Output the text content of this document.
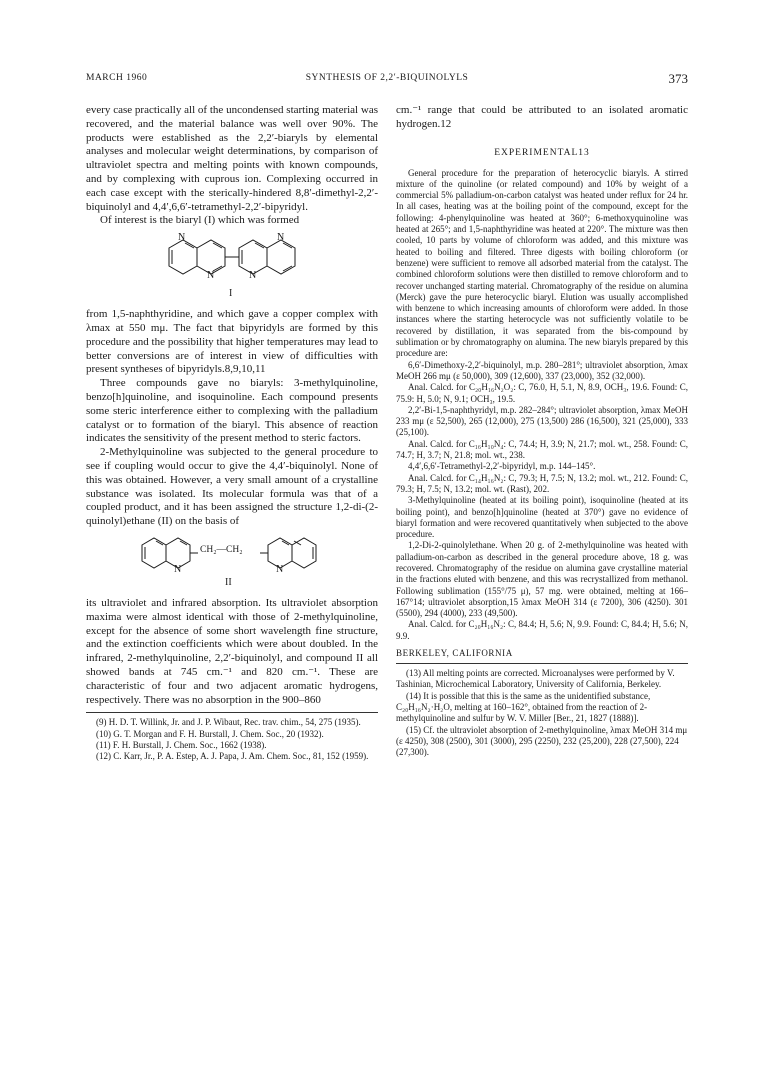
MARCH 1960	SYNTHESIS OF 2,2′-BIQUINOLYLS	373

every case practically all of the uncondensed starting material was recovered, and the material balance was well over 90%. The products were established as the 2,2′-biaryls by elemental analyses and molecular weight determinations, by comparison of ultraviolet spectra and melting points with known compounds, and by complexing with cuprous ion. Complexing occurred in each case except with the sterically-hindered 8,8′-dimethyl-2,2′-biquinolyl and 4,4′,6,6′-tetramethyl-2,2′-bipyridyl.

Of interest is the biaryl (I) which was formed

N
N	N
N
I

from 1,5-naphthyridine, and which gave a copper complex with λmax at 550 mμ. The fact that bipyridyls are formed by this procedure and the possibility that higher temperatures may lead to better conversions are of interest in view of difficulties with present syntheses of bipyridyls.8,9,10,11

Three compounds gave no biaryls: 3-methylquinoline, benzo[h]quinoline, and isoquinoline. Each compound presents some steric interference either to complexing with the palladium catalyst or to formation of the biaryl. This absence of reaction indicates the sensitivity of the present method to steric factors.

2-Methylquinoline was subjected to the general procedure to see if coupling would occur to give the 4,4′-biquinolyl. None of this was obtained. However, a very small amount of a crystalline substance was isolated. Its molecular formula was that of a coupled product, and it has been assigned the structure 1,2-di-(2-quinolyl)ethane (II) on the basis of

CH₂—CH₂
N	N
II

its ultraviolet and infrared absorption. Its ultraviolet absorption maxima were almost identical with those of 2-methylquinoline, except for the absence of some short wavelength fine structure, and the extinction coefficients which were about doubled. In the infrared, 2-methylquinoline, 2,2′-biquinolyl, and compound II all showed bands at 745 cm.⁻¹ and 820 cm.⁻¹. These are characteristic of four and two adjacent aromatic hydrogens, respectively. There was no absorption in the 900–860

(9) H. D. T. Willink, Jr. and J. P. Wibaut, Rec. trav. chim., 54, 275 (1935).

(10) G. T. Morgan and F. H. Burstall, J. Chem. Soc., 20 (1932).

(11) F. H. Burstall, J. Chem. Soc., 1662 (1938).

(12) C. Karr, Jr., P. A. Estep, A. J. Papa, J. Am. Chem. Soc., 81, 152 (1959).

cm.⁻¹ range that could be attributed to an isolated aromatic hydrogen.12

EXPERIMENTAL13

General procedure for the preparation of heterocyclic biaryls. A stirred mixture of the quinoline (or related compound) and 10% by weight of a commercial 5% palladium-on-carbon catalyst was heated under reflux for 24 hr. In all cases, heating was at the boiling point of the compound, except for the following: 4-phenylquinoline was heated at 360°; 6-methoxyquinoline was heated at 265°; and 1,5-naphthyridine was heated at 220°. The mixture was then cooled, 10 parts by volume of chloroform was added, and this mixture was heated to boiling and filtered. Three digests with boiling chloroform (or benzene) were sufficient to remove all adsorbed material from the catalyst. The combined chloroform solutions were then distilled to remove chloroform and to recover unchanged starting material. Chromatography of the residue on alumina (Merck) gave the pure heterocyclic biaryl. Elution was usually accomplished with benzene to which increasing amounts of chloroform were added. In those instances where the starting heterocycle was not sufficiently volatile to be recovered by distillation, it was separated from the bis-compound by sublimation or by chromatography on alumina. The new biaryls prepared by this procedure are:

6,6′-Dimethoxy-2,2′-biquinolyl, m.p. 280–281°; ultraviolet absorption, λmax MeOH 266 mμ (ε 50,000), 309 (12,600), 337 (23,000), 352 (32,000).

Anal. Calcd. for C₂₀H₁₆N₂O₂: C, 76.0, H, 5.1, N, 8.9, OCH₃, 19.6. Found: C, 75.9: H, 5.0; N, 9.1; OCH₃, 19.5.

2,2′-Bi-1,5-naphthyridyl, m.p. 282–284°; ultraviolet absorption, λmax MeOH 233 mμ (ε 52,500), 265 (12,000), 275 (13,500) 286 (16,500), 321 (25,000), 333 (25,100).

Anal. Calcd. for C₁₆H₁₀N₄: C, 74.4; H, 3.9; N, 21.7; mol. wt., 258. Found: C, 74.7; H, 3.7; N, 21.8; mol. wt., 238.

4,4′,6,6′-Tetramethyl-2,2′-bipyridyl, m.p. 144–145°.

Anal. Calcd. for C₁₄H₁₆N₂: C, 79.3; H, 7.5; N, 13.2; mol. wt., 212. Found: C, 79.3; H, 7.5; N, 13.2; mol. wt. (Rast), 202.

3-Methylquinoline (heated at its boiling point), isoquinoline (heated at its boiling point), and benzo[h]quinoline (heated at 370°) gave no evidence of biaryl formation and were recovered quantitatively when subjected to the above procedure.

1,2-Di-2-quinolylethane. When 20 g. of 2-methylquinoline was heated with palladium-on-carbon as described in the general procedure above, 18 g. was recovered. Chromatography of the residue on alumina gave crystalline material in the fractions eluted with benzene, and this was recrystallized from methanol. Following sublimation (155°/75 μ), 57 mg. were obtained, melting at 166–167°14; ultraviolet absorption,15 λmax MeOH 314 (ε 7200), 306 (4250). 301 (5500), 294 (4000), 233 (49,500).

Anal. Calcd. for C₂₀H₁₆N₂: C, 84.4; H, 5.6; N, 9.9. Found: C, 84.4; H, 5.6; N, 9.9.

BERKELEY, CALIFORNIA

(13) All melting points are corrected. Microanalyses were performed by V. Tashinian, Microchemical Laboratory, University of California, Berkeley.

(14) It is possible that this is the same as the unidentified substance, C₂₀H₁₆N₂·H₂O, melting at 160–162°, obtained from the reaction of 2-methylquinoline and sulfur by W. V. Miller [Ber., 21, 1827 (1888)].

(15) Cf. the ultraviolet absorption of 2-methylquinoline, λmax MeOH 314 mμ (ε 4250), 308 (2500), 301 (3000), 295 (2250), 232 (25,200), 228 (27,500), 224 (27,300).
